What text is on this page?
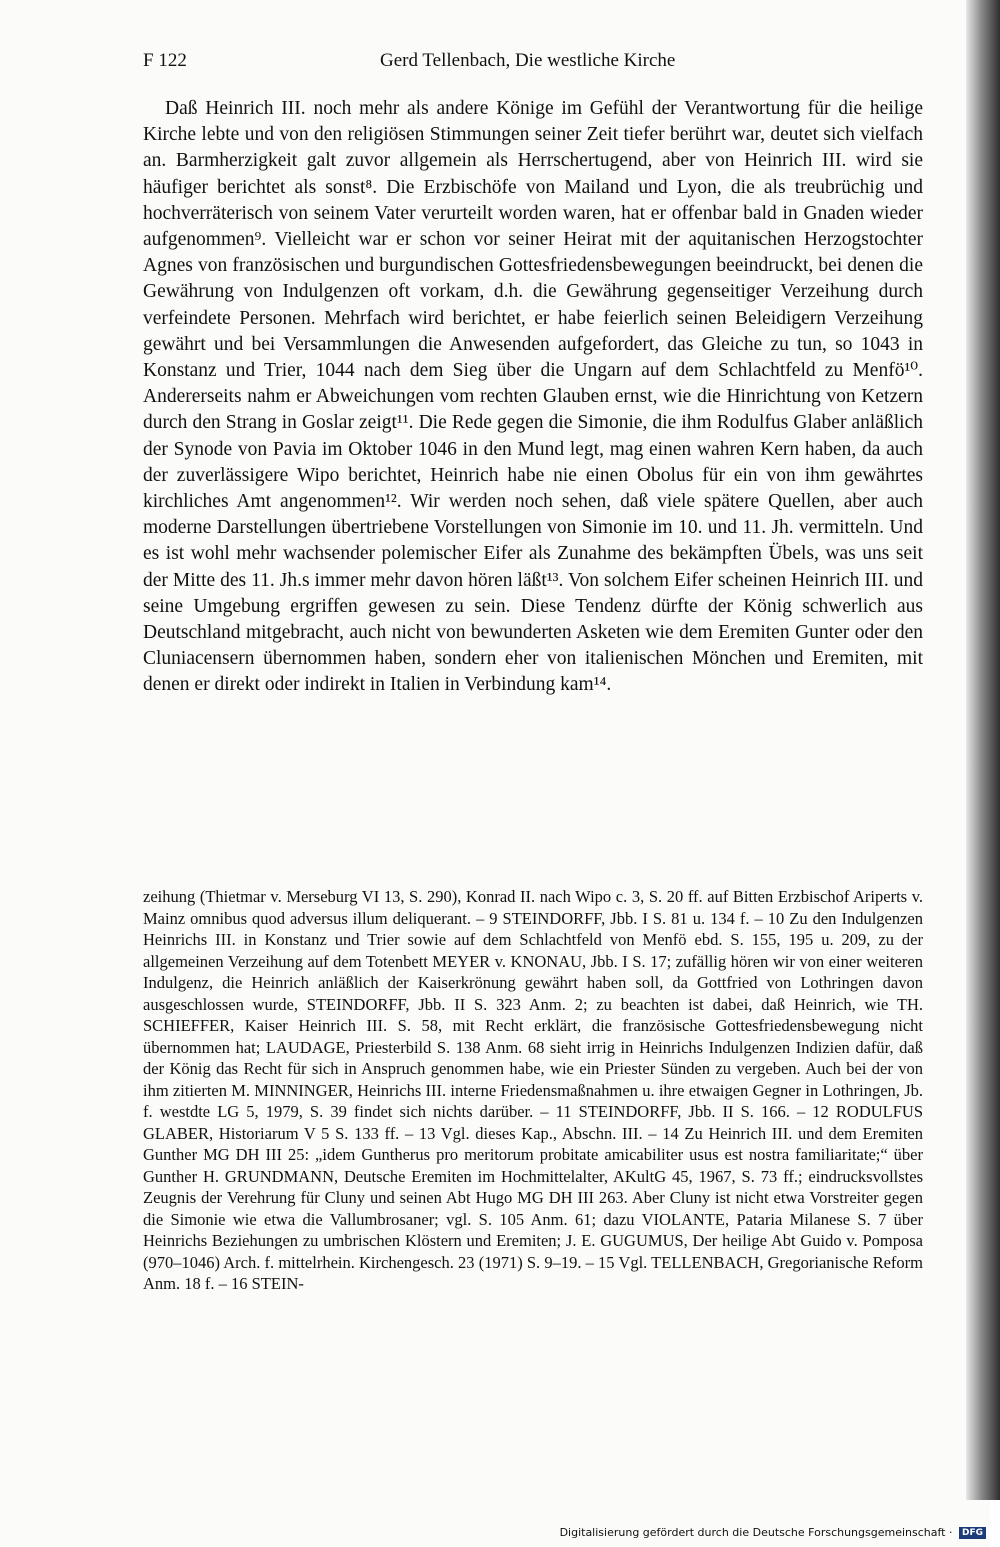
F 122	Gerd Tellenbach, Die westliche Kirche

Daß Heinrich III. noch mehr als andere Könige im Gefühl der Verantwortung für die heilige Kirche lebte und von den religiösen Stimmungen seiner Zeit tiefer berührt war, deutet sich vielfach an. Barmherzigkeit galt zuvor allgemein als Herrschertugend, aber von Heinrich III. wird sie häufiger berichtet als sonst⁸. Die Erzbischöfe von Mailand und Lyon, die als treubrüchig und hochverräterisch von seinem Vater verurteilt worden waren, hat er offenbar bald in Gnaden wieder aufgenommen⁹. Vielleicht war er schon vor seiner Heirat mit der aquitanischen Herzogstochter Agnes von französischen und burgundischen Gottesfriedensbewegungen beeindruckt, bei denen die Gewährung von Indulgenzen oft vorkam, d.h. die Gewährung gegenseitiger Verzeihung durch verfeindete Personen. Mehrfach wird berichtet, er habe feierlich seinen Beleidigern Verzeihung gewährt und bei Versammlungen die Anwesenden aufgefordert, das Gleiche zu tun, so 1043 in Konstanz und Trier, 1044 nach dem Sieg über die Ungarn auf dem Schlachtfeld zu Menfö¹⁰. Andererseits nahm er Abweichungen vom rechten Glauben ernst, wie die Hinrichtung von Ketzern durch den Strang in Goslar zeigt¹¹. Die Rede gegen die Simonie, die ihm Rodulfus Glaber anläßlich der Synode von Pavia im Oktober 1046 in den Mund legt, mag einen wahren Kern haben, da auch der zuverlässigere Wipo berichtet, Heinrich habe nie einen Obolus für ein von ihm gewährtes kirchliches Amt angenommen¹². Wir werden noch sehen, daß viele spätere Quellen, aber auch moderne Darstellungen übertriebene Vorstellungen von Simonie im 10. und 11. Jh. vermitteln. Und es ist wohl mehr wachsender polemischer Eifer als Zunahme des bekämpften Übels, was uns seit der Mitte des 11. Jh.s immer mehr davon hören läßt¹³. Von solchem Eifer scheinen Heinrich III. und seine Umgebung ergriffen gewesen zu sein. Diese Tendenz dürfte der König schwerlich aus Deutschland mitgebracht, auch nicht von bewunderten Asketen wie dem Eremiten Gunter oder den Cluniacensern übernommen haben, sondern eher von italienischen Mönchen und Eremiten, mit denen er direkt oder indirekt in Italien in Verbindung kam¹⁴.

zeihung (Thietmar v. Merseburg VI 13, S. 290), Konrad II. nach Wipo c. 3, S. 20 ff. auf Bitten Erzbischof Ariperts v. Mainz omnibus quod adversus illum deliquerant. – 9 STEINDORFF, Jbb. I S. 81 u. 134 f. – 10 Zu den Indulgenzen Heinrichs III. in Konstanz und Trier sowie auf dem Schlachtfeld von Menfö ebd. S. 155, 195 u. 209, zu der allgemeinen Verzeihung auf dem Totenbett MEYER v. KNONAU, Jbb. I S. 17; zufällig hören wir von einer weiteren Indulgenz, die Heinrich anläßlich der Kaiserkrönung gewährt haben soll, da Gottfried von Lothringen davon ausgeschlossen wurde, STEINDORFF, Jbb. II S. 323 Anm. 2; zu beachten ist dabei, daß Heinrich, wie TH. SCHIEFFER, Kaiser Heinrich III. S. 58, mit Recht erklärt, die französische Gottesfriedensbewegung nicht übernommen hat; LAUDAGE, Priesterbild S. 138 Anm. 68 sieht irrig in Heinrichs Indulgenzen Indizien dafür, daß der König das Recht für sich in Anspruch genommen habe, wie ein Priester Sünden zu vergeben. Auch bei der von ihm zitierten M. MINNINGER, Heinrichs III. interne Friedensmaßnahmen u. ihre etwaigen Gegner in Lothringen, Jb. f. westdte LG 5, 1979, S. 39 findet sich nichts darüber. – 11 STEINDORFF, Jbb. II S. 166. – 12 RODULFUS GLABER, Historiarum V 5 S. 133 ff. – 13 Vgl. dieses Kap., Abschn. III. – 14 Zu Heinrich III. und dem Eremiten Gunther MG DH III 25: „idem Guntherus pro meritorum probitate amicabiliter usus est nostra familiaritate;“ über Gunther H. GRUNDMANN, Deutsche Eremiten im Hochmittelalter, AKultG 45, 1967, S. 73 ff.; eindrucksvollstes Zeugnis der Verehrung für Cluny und seinen Abt Hugo MG DH III 263. Aber Cluny ist nicht etwa Vorstreiter gegen die Simonie wie etwa die Vallumbrosaner; vgl. S. 105 Anm. 61; dazu VIOLANTE, Pataria Milanese S. 7 über Heinrichs Beziehungen zu umbrischen Klöstern und Eremiten; J. E. GUGUMUS, Der heilige Abt Guido v. Pomposa (970–1046) Arch. f. mittelrhein. Kirchengesch. 23 (1971) S. 9–19. – 15 Vgl. TELLENBACH, Gregorianische Reform Anm. 18 f. – 16 STEIN-

Digitalisierung gefördert durch die Deutsche Forschungsgemeinschaft · DFG
